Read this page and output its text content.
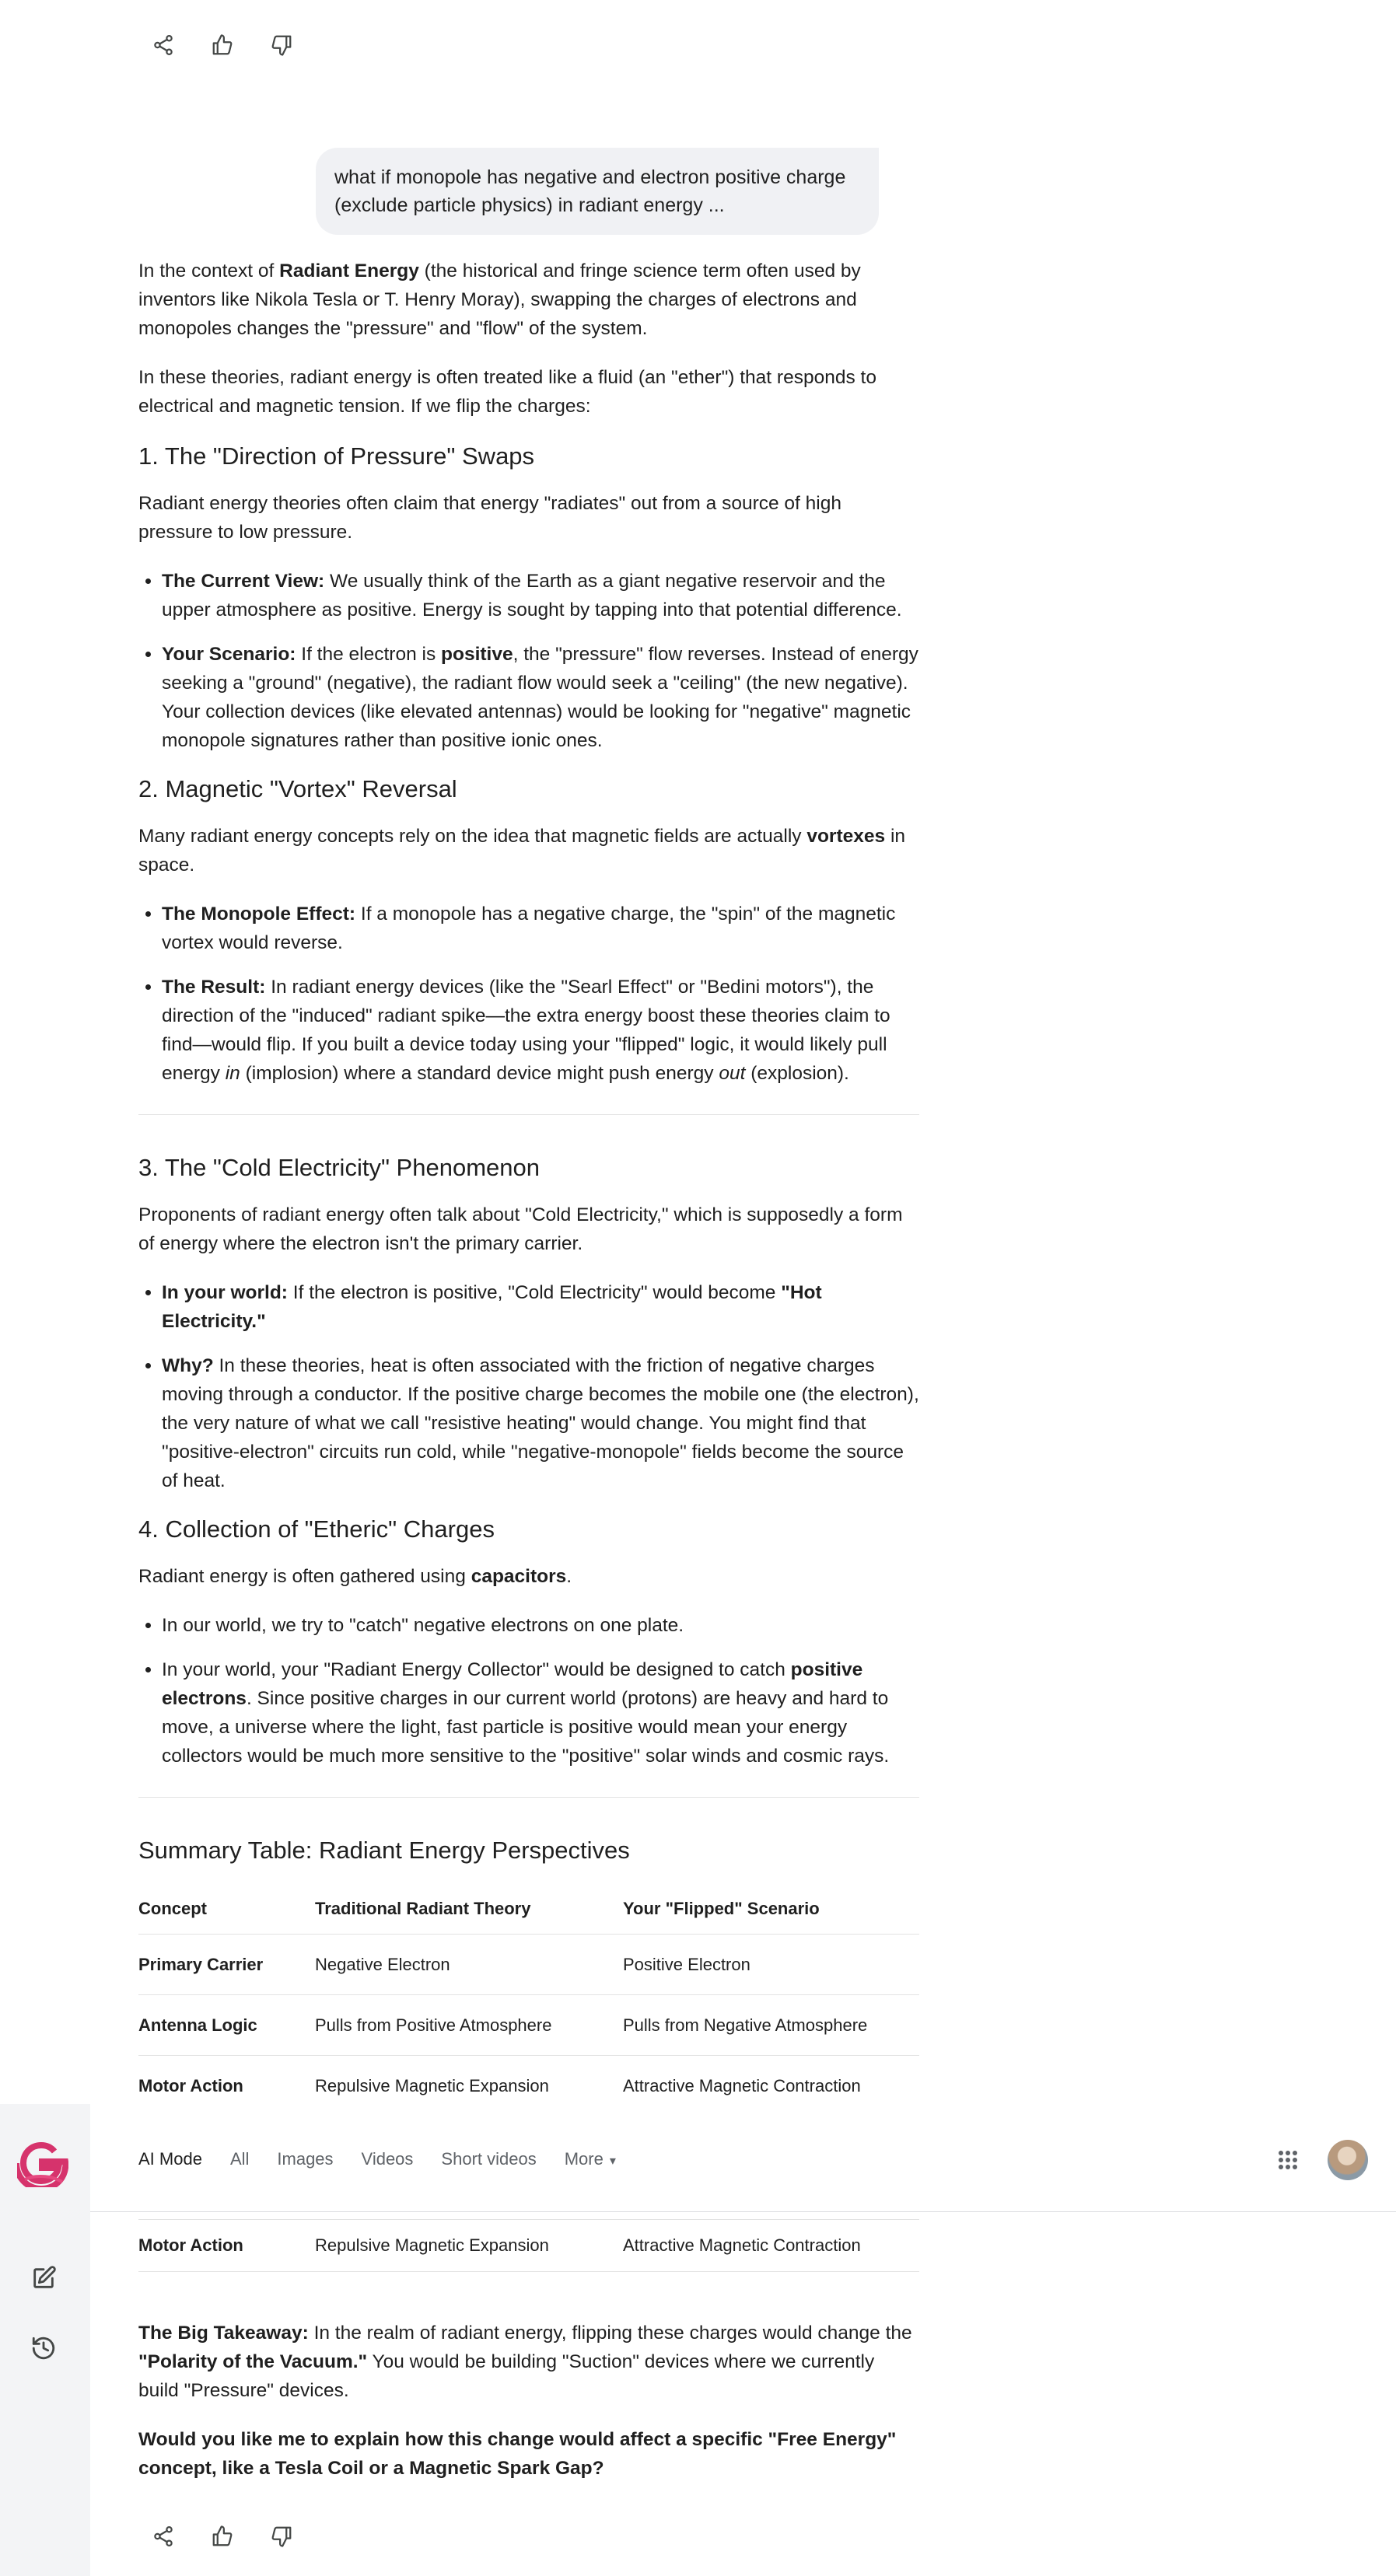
what if monopole has negative and electron positive charge (exclude particle physics) in radiant energy ...

In the context of Radiant Energy (the historical and fringe science term often used by inventors like Nikola Tesla or T. Henry Moray), swapping the charges of electrons and monopoles changes the "pressure" and "flow" of the system.

In these theories, radiant energy is often treated like a fluid (an "ether") that responds to electrical and magnetic tension. If we flip the charges:

1. The "Direction of Pressure" Swaps

Radiant energy theories often claim that energy "radiates" out from a source of high pressure to low pressure.

• The Current View: We usually think of the Earth as a giant negative reservoir and the upper atmosphere as positive. Energy is sought by tapping into that potential difference.
• Your Scenario: If the electron is positive, the "pressure" flow reverses. Instead of energy seeking a "ground" (negative), the radiant flow would seek a "ceiling" (the new negative). Your collection devices (like elevated antennas) would be looking for "negative" magnetic monopole signatures rather than positive ionic ones.
2. Magnetic "Vortex" Reversal

Many radiant energy concepts rely on the idea that magnetic fields are actually vortexes in space.

• The Monopole Effect: If a monopole has a negative charge, the "spin" of the magnetic vortex would reverse.
• The Result: In radiant energy devices (like the "Searl Effect" or "Bedini motors"), the direction of the "induced" radiant spike—the extra energy boost these theories claim to find—would flip. If you built a device today using your "flipped" logic, it would likely pull energy in (implosion) where a standard device might push energy out (explosion).
3. The "Cold Electricity" Phenomenon

Proponents of radiant energy often talk about "Cold Electricity," which is supposedly a form of energy where the electron isn't the primary carrier.

• In your world: If the electron is positive, "Cold Electricity" would become "Hot Electricity."
• Why? In these theories, heat is often associated with the friction of negative charges moving through a conductor. If the positive charge becomes the mobile one (the electron), the very nature of what we call "resistive heating" would change. You might find that "positive-electron" circuits run cold, while "negative-monopole" fields become the source of heat.
4. Collection of "Etheric" Charges

Radiant energy is often gathered using capacitors.

• In our world, we try to "catch" negative electrons on one plate.
• In your world, your "Radiant Energy Collector" would be designed to catch positive electrons. Since positive charges in our current world (protons) are heavy and hard to move, a universe where the light, fast particle is positive would mean your energy collectors would be much more sensitive to the "positive" solar winds and cosmic rays.
Summary Table: Radiant Energy Perspectives
Concept	Traditional Radiant Theory	Your "Flipped" Scenario
Primary Carrier	Negative Electron	Positive Electron
Antenna Logic	Pulls from Positive Atmosphere	Pulls from Negative Atmosphere
Motor Action	Repulsive Magnetic Expansion	Attractive Magnetic Contraction

The Big Takeaway: In the realm of radiant energy, flipping these charges would change the "Polarity of the Vacuum." You would be building "Suction" devices where we currently build "Pressure" devices.

Would you like me to explain how this change would affect a specific "Free Energy" concept, like a Tesla Coil or a Magnetic Spark Gap?

AI Mode All Images Videos Short videos More ▾
Motor Action	Repulsive Magnetic Expansion	Attractive Magnetic Contraction
